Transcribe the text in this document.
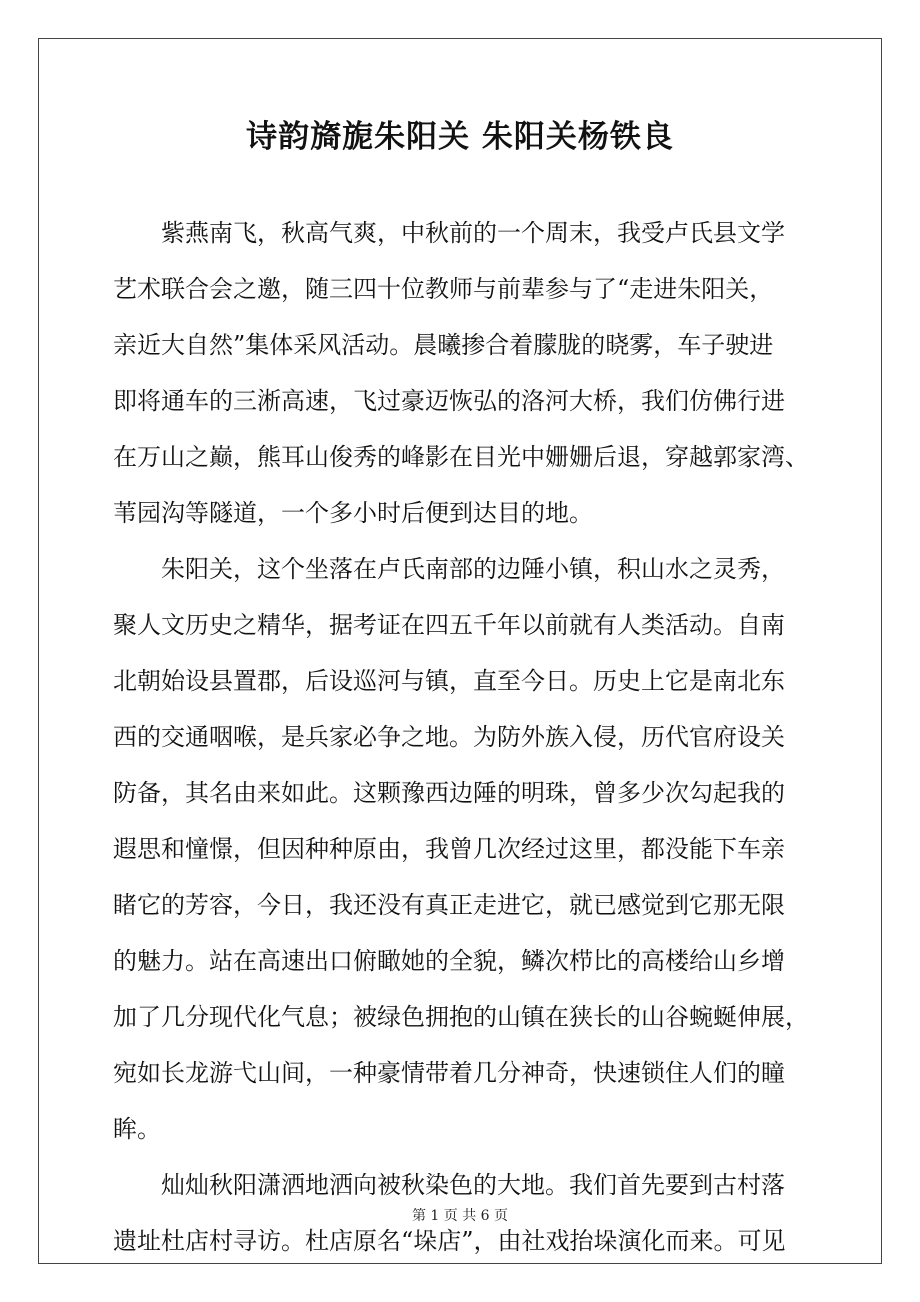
诗韵旖旎朱阳关 朱阳关杨铁良
紫燕南飞，秋高气爽，中秋前的一个周末，我受卢氏县文学
艺术联合会之邀，随三四十位教师与前辈参与了“走进朱阳关，
亲近大自然”集体采风活动。晨曦掺合着朦胧的晓雾，车子驶进
即将通车的三淅高速，飞过豪迈恢弘的洛河大桥，我们仿佛行进
在万山之巅，熊耳山俊秀的峰影在目光中姗姗后退，穿越郭家湾、
苇园沟等隧道，一个多小时后便到达目的地。
朱阳关，这个坐落在卢氏南部的边陲小镇，积山水之灵秀，
聚人文历史之精华，据考证在四五千年以前就有人类活动。自南
北朝始设县置郡，后设巡河与镇，直至今日。历史上它是南北东
西的交通咽喉，是兵家必争之地。为防外族入侵，历代官府设关
防备，其名由来如此。这颗豫西边陲的明珠，曾多少次勾起我的
遐思和憧憬，但因种种原由，我曾几次经过这里，都没能下车亲
睹它的芳容，今日，我还没有真正走进它，就已感觉到它那无限
的魅力。站在高速出口俯瞰她的全貌，鳞次栉比的高楼给山乡增
加了几分现代化气息；被绿色拥抱的山镇在狭长的山谷蜿蜒伸展，
宛如长龙游弋山间，一种豪情带着几分神奇，快速锁住人们的瞳
眸。
灿灿秋阳潇洒地洒向被秋染色的大地。我们首先要到古村落
遗址杜店村寻访。杜店原名“垛店”，由社戏抬垛演化而来。可见
第 1 页 共 6 页
